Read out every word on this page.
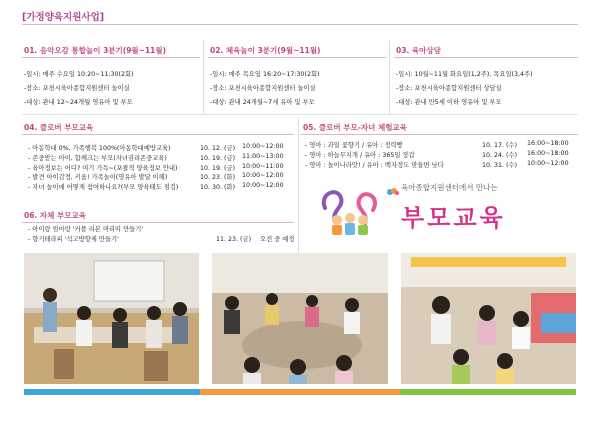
[가정양육지원사업]
01. 음악오감 통합놀이 3분기(9월~11월)
-일시: 매주 수요일 10:20~11:30(2회)
-장소: 포천시육아종합지원센터 놀이실
-대상: 관내 12~24개월 영유아 및 부모
02. 체육놀이 3분기(9월~11월)
-일시: 매주 목요일 16:20~17:30(2회)
-장소: 포천시육아종합지원센터 놀이실
-대상: 관내 24개월~7세 유아 및 부모
03. 육아상담
-일시: 10월~11월 화요일(1,2주), 목요일(3,4주)
-장소: 포천시육아종합지원센터 상담실
-대상: 관내 만5세 이하 영유아 및 부모
04. 클로버 부모교육
- 아동학대 0%, 가족행복 100%(아동학대예방교육)	10. 12. (금) 10:00~12:00
- 존중받는 아이, 함께크는 부모(자녀권리존중교육)	10. 19. (금) 11:00~13:00
- 육아정보는 어디? 여기 가득~(포괄적 양육정보 안내)	10. 19. (금) 10:00~11:00
- 발견 아이감정, 키움! 가족놀이(영유아 발달 이해)	10. 23. (화) 10:00~12:00
- 자녀 놀이에 어떻게 참여하나요?(부모 양육태도 점검)	10. 30. (화) 10:00~12:00
05. 클로버 부모-자녀 체험교육
- 영아 : 과일 꽃향기 / 유아 : 정력빵	10. 17. (수) 16:00~18:00
- 영아 : 하늘무지개 / 유아 : 365일 장갑	10. 24. (수) 16:00~18:00
- 영아 : 놀이나라맛! / 유아 : 백자정도 맞들면 낫다	10. 31. (수) 10:00~12:00
육아종합지원센터에서 만나는
부모교육
06. 자체 부모교육
- 아이랑 엄마랑 '커플 리본 머리띠 만들기'
- 향기테라피 '석고방향제 만들기'	11. 23. (금) 오전 중 예정
